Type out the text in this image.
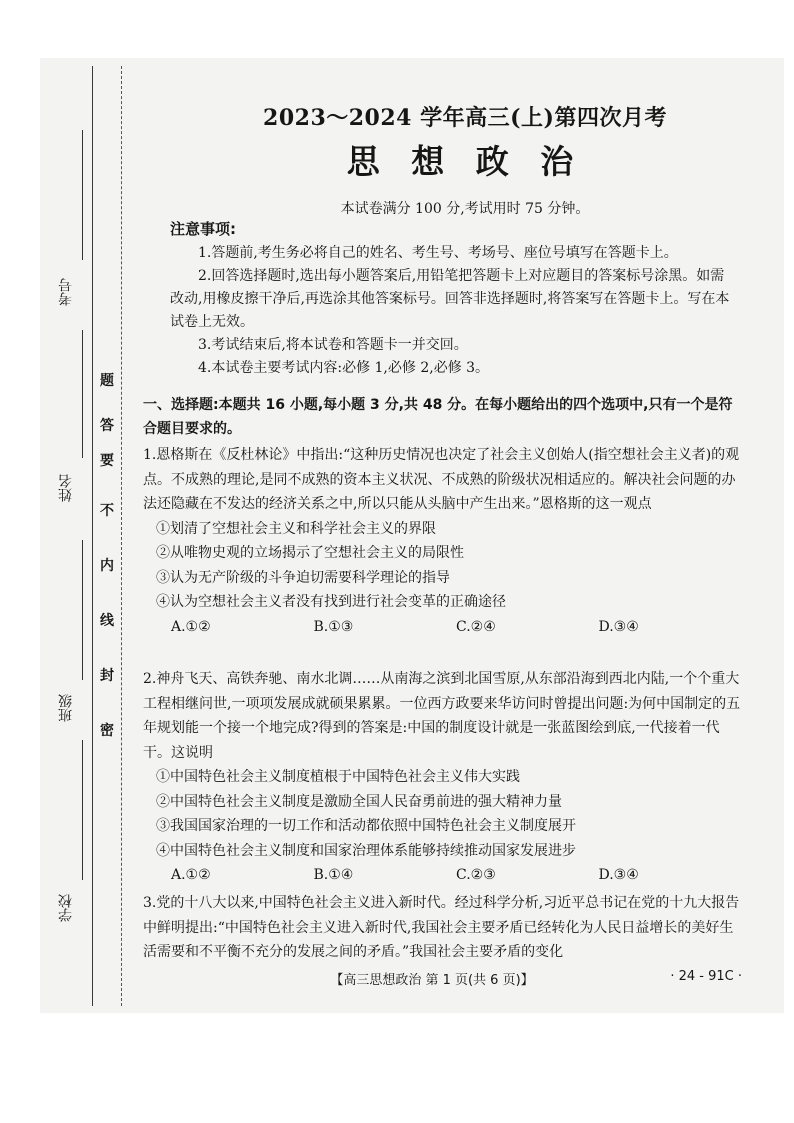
考号
姓名
班级
学校
密
封
线
内
不
要
答
题
2023～2024 学年高三(上)第四次月考
思 想 政 治
本试卷满分 100 分,考试用时 75 分钟。
注意事项:

1.答题前,考生务必将自己的姓名、考生号、考场号、座位号填写在答题卡上。

2.回答选择题时,选出每小题答案后,用铅笔把答题卡上对应题目的答案标号涂黑。如需改动,用橡皮擦干净后,再选涂其他答案标号。回答非选择题时,将答案写在答题卡上。写在本试卷上无效。

3.考试结束后,将本试卷和答题卡一并交回。

4.本试卷主要考试内容:必修 1,必修 2,必修 3。

一、选择题:本题共 16 小题,每小题 3 分,共 48 分。在每小题给出的四个选项中,只有一个是符合题目要求的。

1.恩格斯在《反杜林论》中指出:“这种历史情况也决定了社会主义创始人(指空想社会主义者)的观点。不成熟的理论,是同不成熟的资本主义状况、不成熟的阶级状况相适应的。解决社会问题的办法还隐藏在不发达的经济关系之中,所以只能从头脑中产生出来。”恩格斯的这一观点

①划清了空想社会主义和科学社会主义的界限

②从唯物史观的立场揭示了空想社会主义的局限性

③认为无产阶级的斗争迫切需要科学理论的指导

④认为空想社会主义者没有找到进行社会变革的正确途径

A.①②	B.①③	C.②④	D.③④

2.神舟飞天、高铁奔驰、南水北调……从南海之滨到北国雪原,从东部沿海到西北内陆,一个个重大工程相继问世,一项项发展成就硕果累累。一位西方政要来华访问时曾提出问题:为何中国制定的五年规划能一个接一个地完成?得到的答案是:中国的制度设计就是一张蓝图绘到底,一代接着一代干。这说明

①中国特色社会主义制度植根于中国特色社会主义伟大实践

②中国特色社会主义制度是激励全国人民奋勇前进的强大精神力量

③我国国家治理的一切工作和活动都依照中国特色社会主义制度展开

④中国特色社会主义制度和国家治理体系能够持续推动国家发展进步

A.①②	B.①④	C.②③	D.③④

3.党的十八大以来,中国特色社会主义进入新时代。经过科学分析,习近平总书记在党的十九大报告中鲜明提出:“中国特色社会主义进入新时代,我国社会主要矛盾已经转化为人民日益增长的美好生活需要和不平衡不充分的发展之间的矛盾。”我国社会主要矛盾的变化

【高三思想政治 第 1 页(共 6 页)】	· 24 - 91C ·
